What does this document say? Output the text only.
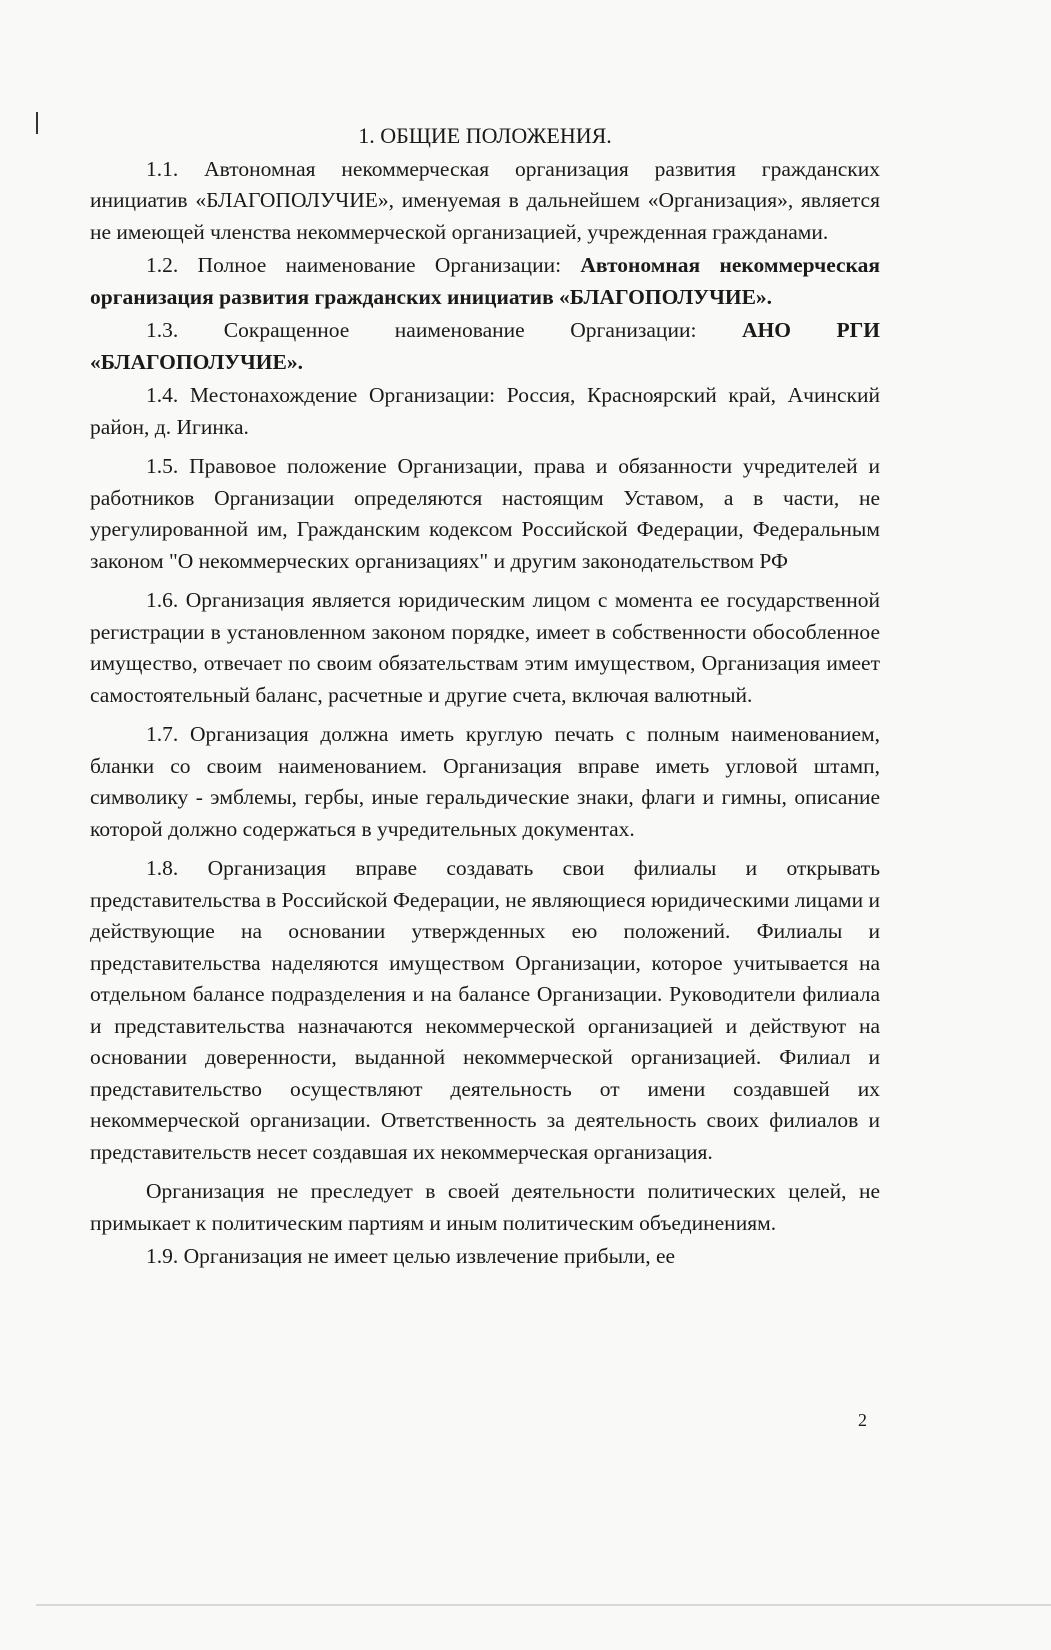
1. ОБЩИЕ ПОЛОЖЕНИЯ.

1.1. Автономная некоммерческая организация развития гражданских инициатив «БЛАГОПОЛУЧИЕ», именуемая в дальнейшем «Организация», является не имеющей членства некоммерческой организацией, учрежденная гражданами.

1.2. Полное наименование Организации: Автономная некоммерческая организация развития гражданских инициатив «БЛАГОПОЛУЧИЕ».

1.3. Сокращенное наименование Организации: АНО РГИ «БЛАГОПОЛУЧИЕ».

1.4. Местонахождение Организации: Россия, Красноярский край, Ачинский район, д. Игинка.

1.5. Правовое положение Организации, права и обязанности учредителей и работников Организации определяются настоящим Уставом, а в части, не урегулированной им, Гражданским кодексом Российской Федерации, Федеральным законом "О некоммерческих организациях" и другим законодательством РФ

1.6. Организация является юридическим лицом с момента ее государственной регистрации в установленном законом порядке, имеет в собственности обособленное имущество, отвечает по своим обязательствам этим имуществом, Организация имеет самостоятельный баланс, расчетные и другие счета, включая валютный.

1.7. Организация должна иметь круглую печать с полным наименованием, бланки со своим наименованием. Организация вправе иметь угловой штамп, символику - эмблемы, гербы, иные геральдические знаки, флаги и гимны, описание которой должно содержаться в учредительных документах.

1.8. Организация вправе создавать свои филиалы и открывать представительства в Российской Федерации, не являющиеся юридическими лицами и действующие на основании утвержденных ею положений. Филиалы и представительства наделяются имуществом Организации, которое учитывается на отдельном балансе подразделения и на балансе Организации. Руководители филиала и представительства назначаются некоммерческой организацией и действуют на основании доверенности, выданной некоммерческой организацией. Филиал и представительство осуществляют деятельность от имени создавшей их некоммерческой организации. Ответственность за деятельность своих филиалов и представительств несет создавшая их некоммерческая организация.

Организация не преследует в своей деятельности политических целей, не примыкает к политическим партиям и иным политическим объединениям.

1.9. Организация не имеет целью извлечение прибыли, ее

2
